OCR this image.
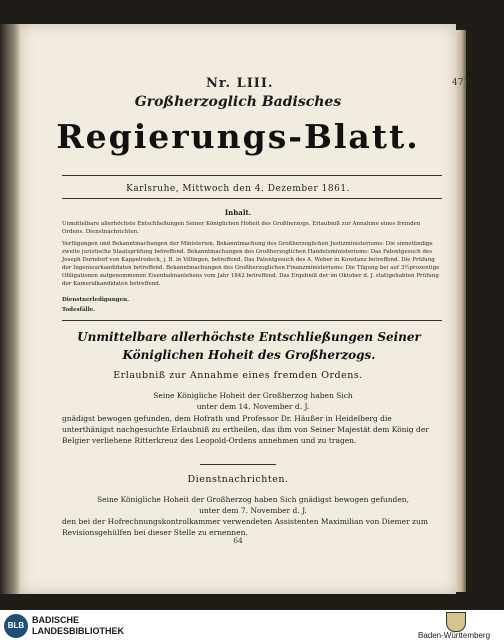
Nr. LIII.	471
Großherzoglich Badisches
Regierungs-Blatt.
Karlsruhe, Mittwoch den 4. Dezember 1861.
Inhalt.
Unmittelbare allerhöchste Entschließungen Seiner Königlichen Hoheit des Großherzogs. Erlaubniß zur Annahme eines fremden Ordens. Dienstnachrichten.
Verfügungen und Bekanntmachungen der Ministerien. Bekanntmachung des Großherzoglichen Justizministeriums: Die sinnstündige zweite juristische Staatsprüfung betreffend. Bekanntmachungen des Großherzoglichen Handelsministeriums: Das Patentgesuch des Joseph Dorndorf von Kappelrodeck, j. B. in Villingen, betreffend. Das Patentgesuch des A. Weber in Konstanz betreffend. Die Prüfung der Ingenieurkandidaten betreffend. Bekanntmachungen des Großherzoglichen Finanzministeriums: Die Tilgung bei auf 3½prozentige Obligationen aufgenommenen Eisenbahnanlehens vom Jahr 1842 betreffend. Das Ergebniß der im Oktober d. J. stattgehabten Prüfung der Kameralkandidaten betreffend.
Dienstnerledigungen.
Todesfälle.
Unmittelbare allerhöchste Entschließungen Seiner Königlichen Hoheit des Großherzogs.
Erlaubniß zur Annahme eines fremden Ordens.
Seine Königliche Hoheit der Großherzog haben Sich
unter dem 14. November d. J.
gnädigst bewogen gefunden, dem Hofrath und Professor Dr. Häußer in Heidelberg die unterthänigst nachgesuchte Erlaubniß zu ertheilen, das ihm von Seiner Majestät dem König der Belgier verliehene Ritterkreuz des Leopold-Ordens annehmen und zu tragen.
Dienstnachrichten.
Seine Königliche Hoheit der Großherzog haben Sich gnädigst bewogen gefunden,
unter dem 7. November d. J.
den bei der Hofrechnungskontrolkammer verwendeten Assistenten Maximilian von Diemer zum Revisionsgehülfen bei dieser Stelle zu ernennen.
64
BLB
BADISCHE
LANDESBIBLIOTHEK	Baden-Württemberg
